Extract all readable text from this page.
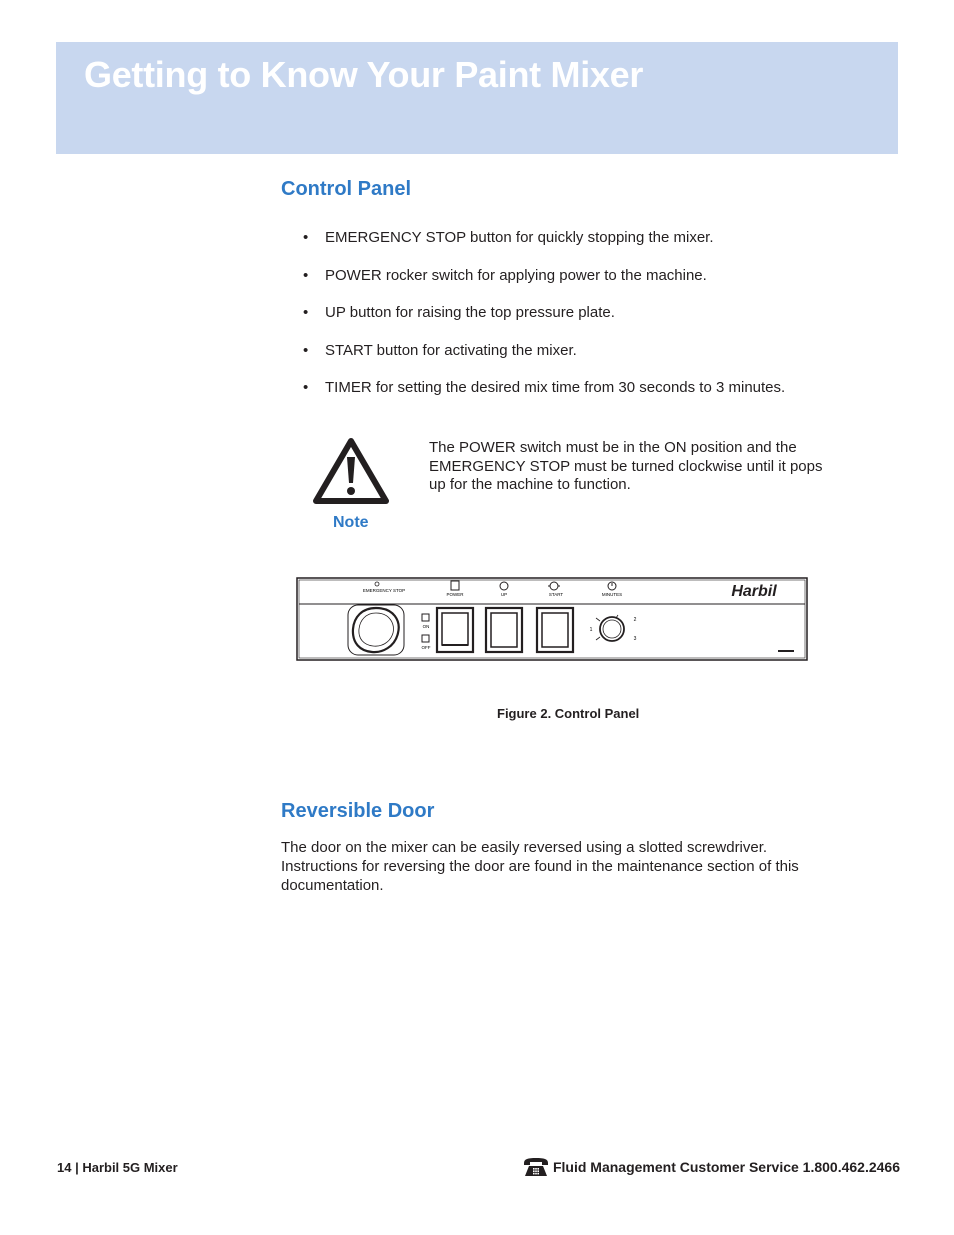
Getting to Know Your Paint Mixer
Control Panel
• EMERGENCY STOP button for quickly stopping the mixer.
• POWER rocker switch for applying power to the machine.
• UP button for raising the top pressure plate.
• START button for activating the mixer.
• TIMER for setting the desired mix time from 30 seconds to 3 minutes.
Note
The POWER switch must be in the ON position and the EMERGENCY STOP must be turned clockwise until it pops up for the machine to function.
EMERGENCY STOP
POWER	UP	START	MINUTES	Harbil
ON
OFF
1
2
3
Figure 2. Control Panel
Reversible Door

The door on the mixer can be easily reversed using a slotted screwdriver. Instructions for reversing the door are found in the maintenance section of this documentation.

14 | Harbil 5G Mixer	Fluid Management Customer Service 1.800.462.2466
